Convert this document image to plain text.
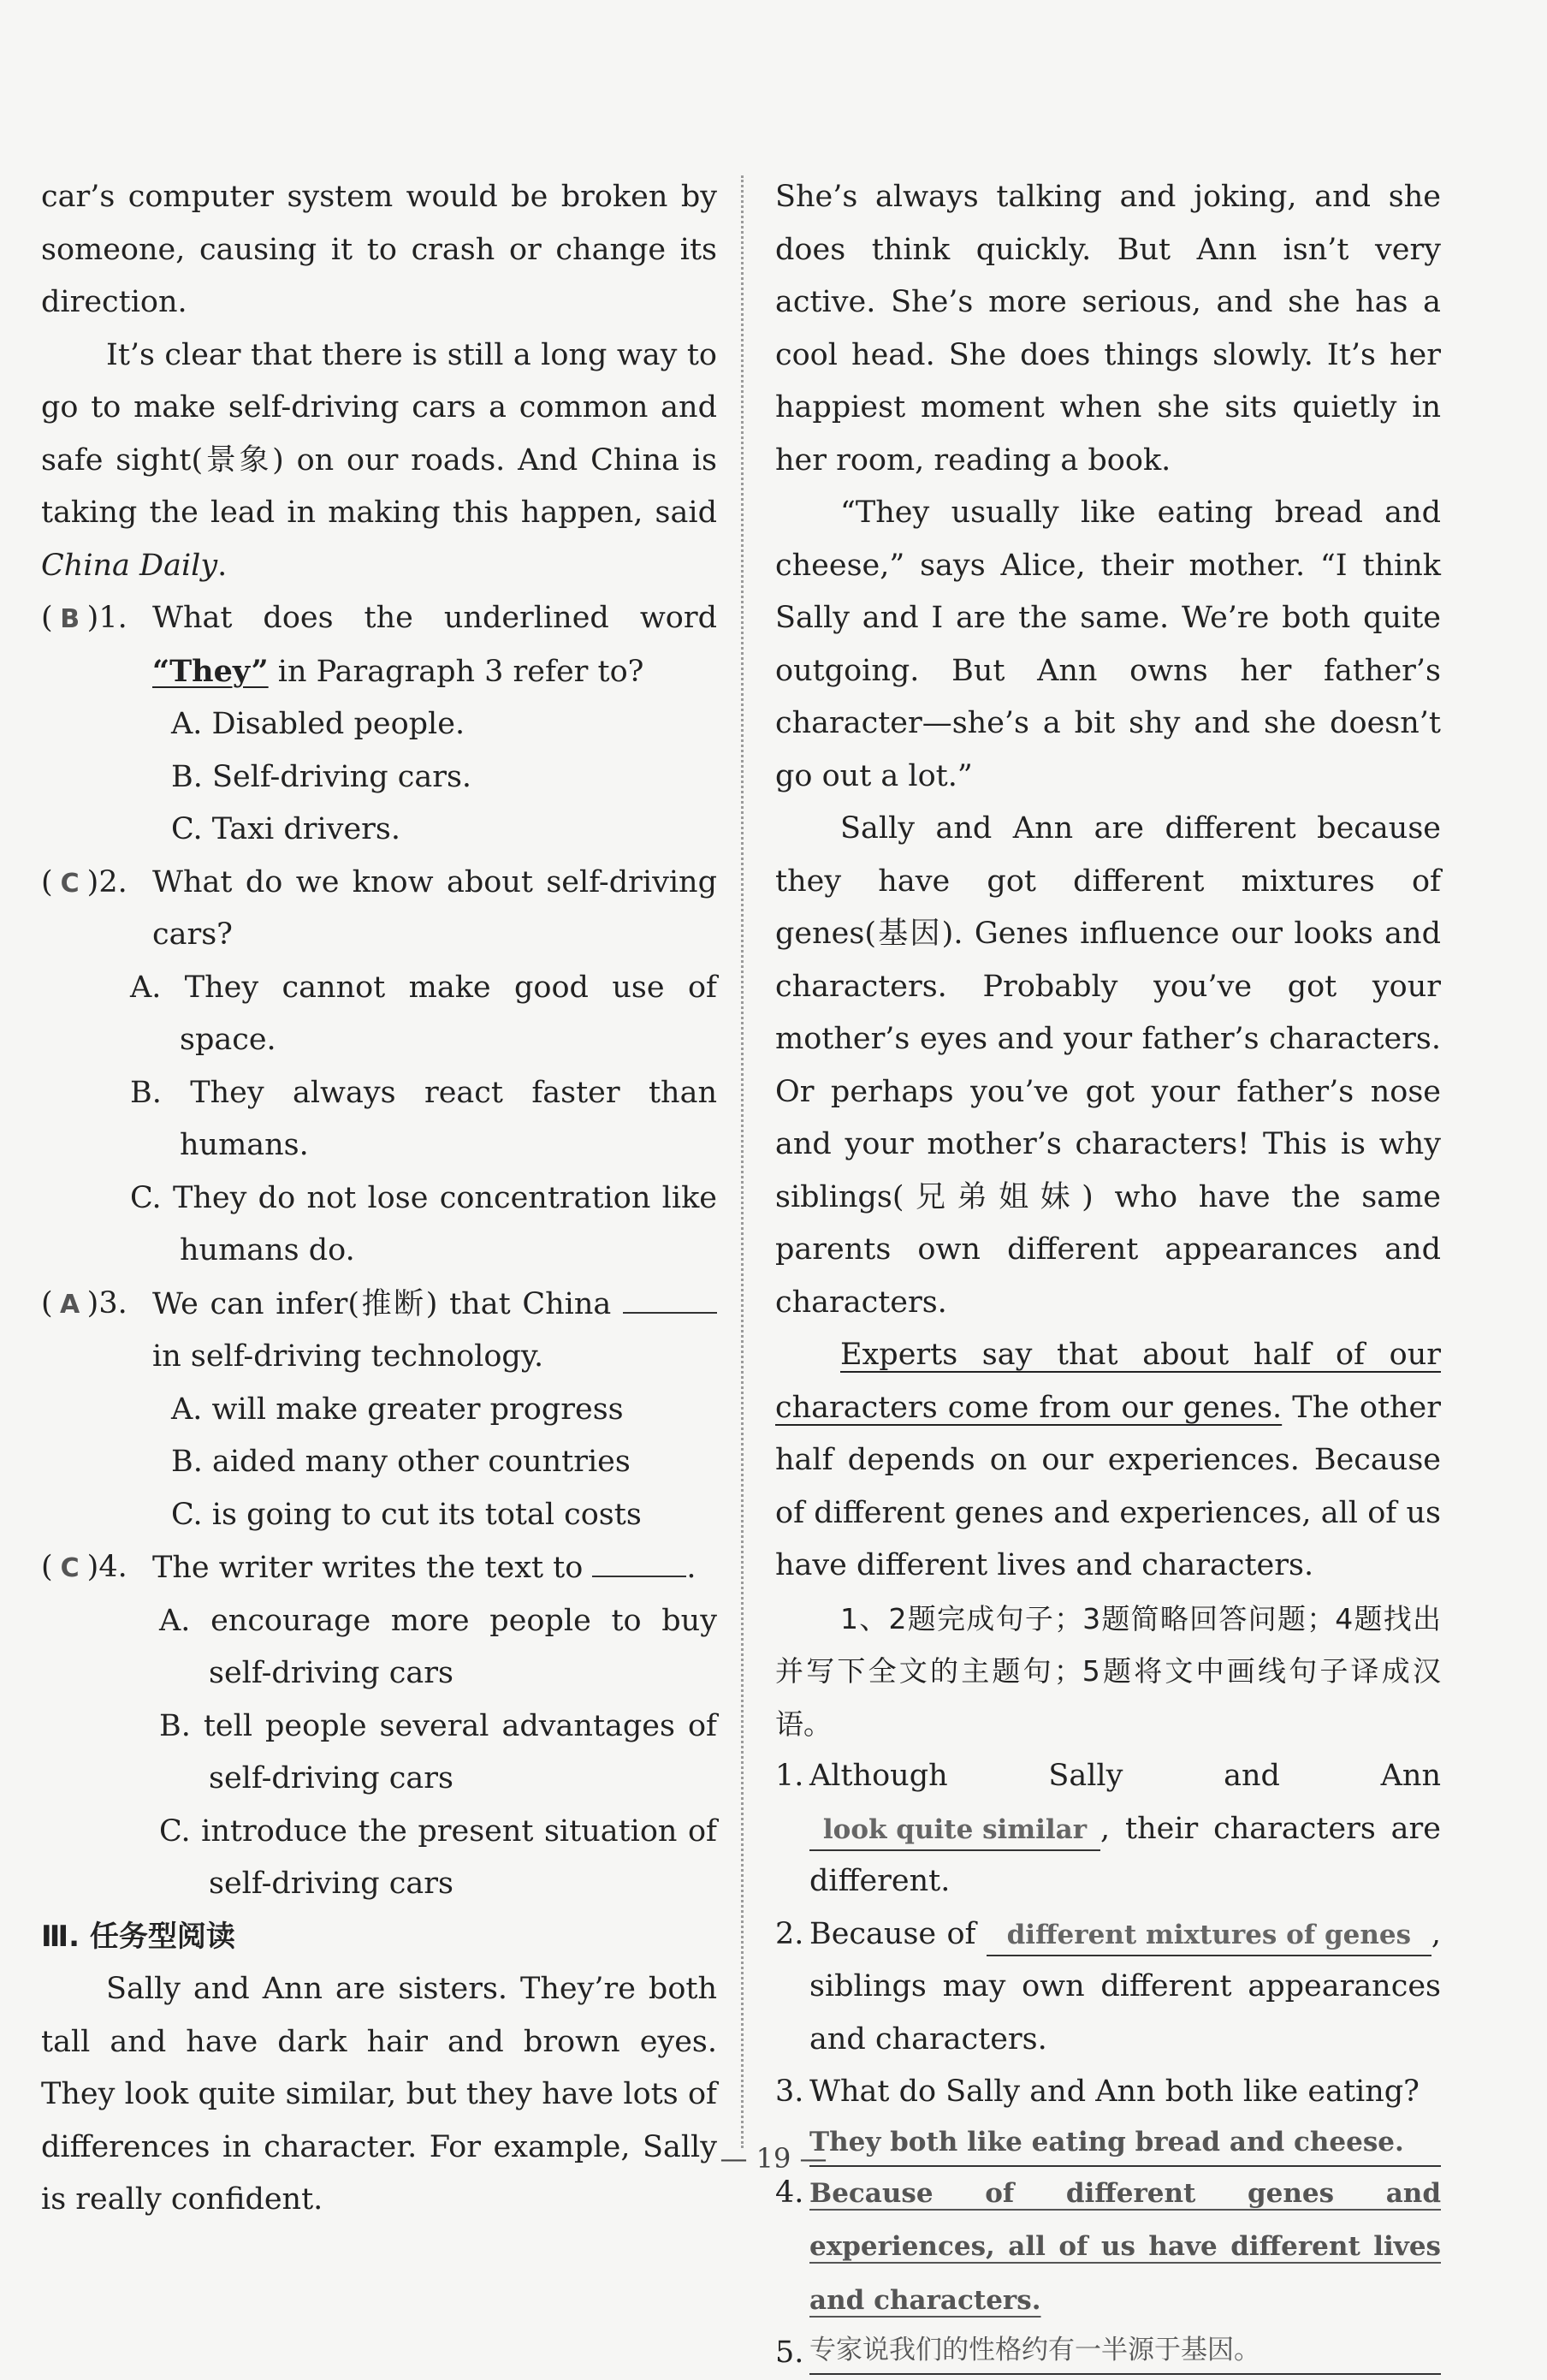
car’s computer system would be broken by someone, causing it to crash or change its direction.

It’s clear that there is still a long way to go to make self-driving cars a common and safe sight(景象) on our roads. And China is taking the lead in making this happen, said China Daily.

( B )1. What does the underlined word “They” in Paragraph 3 refer to?

A. Disabled people.

B. Self-driving cars.

C. Taxi drivers.

( C )2. What do we know about self-driving cars?

A. They cannot make good use of space.

B. They always react faster than humans.

C. They do not lose concentration like humans do.

( A )3. We can infer(推断) that China  in self-driving technology.

A. will make greater progress

B. aided many other countries

C. is going to cut its total costs

( C )4. The writer writes the text to	.

A. encourage more people to buy self-driving cars

B. tell people several advantages of self-driving cars

C. introduce the present situation of self-driving cars

Ⅲ. 任务型阅读

Sally and Ann are sisters. They’re both tall and have dark hair and brown eyes. They look quite similar, but they have lots of differences in character. For example, Sally is really confident.

She’s always talking and joking, and she does think quickly. But Ann isn’t very active. She’s more serious, and she has a cool head. She does things slowly. It’s her happiest moment when she sits quietly in her room, reading a book.

“They usually like eating bread and cheese,” says Alice, their mother. “I think Sally and I are the same. We’re both quite outgoing. But Ann owns her father’s character—she’s a bit shy and she doesn’t go out a lot.”

Sally and Ann are different because they have got different mixtures of genes(基因). Genes influence our looks and characters. Probably you’ve got your mother’s eyes and your father’s characters. Or perhaps you’ve got your father’s nose and your mother’s characters! This is why siblings(兄弟姐妹) who have the same parents own different appearances and characters.

Experts say that about half of our characters come from our genes. The other half depends on our experiences. Because of different genes and experiences, all of us have different lives and characters.

1、2题完成句子；3题简略回答问题；4题找出并写下全文的主题句；5题将文中画线句子译成汉语。

1. Although Sally and Ann look quite similar , their characters are different.
2. Because of different mixtures of genes , siblings may own different appearances and characters.
3. What do Sally and Ann both like eating?
They both like eating bread and cheese.
4. Because of different genes and experiences, all of us have different lives and characters.
5. 专家说我们的性格约有一半源于基因。
— 19 —
